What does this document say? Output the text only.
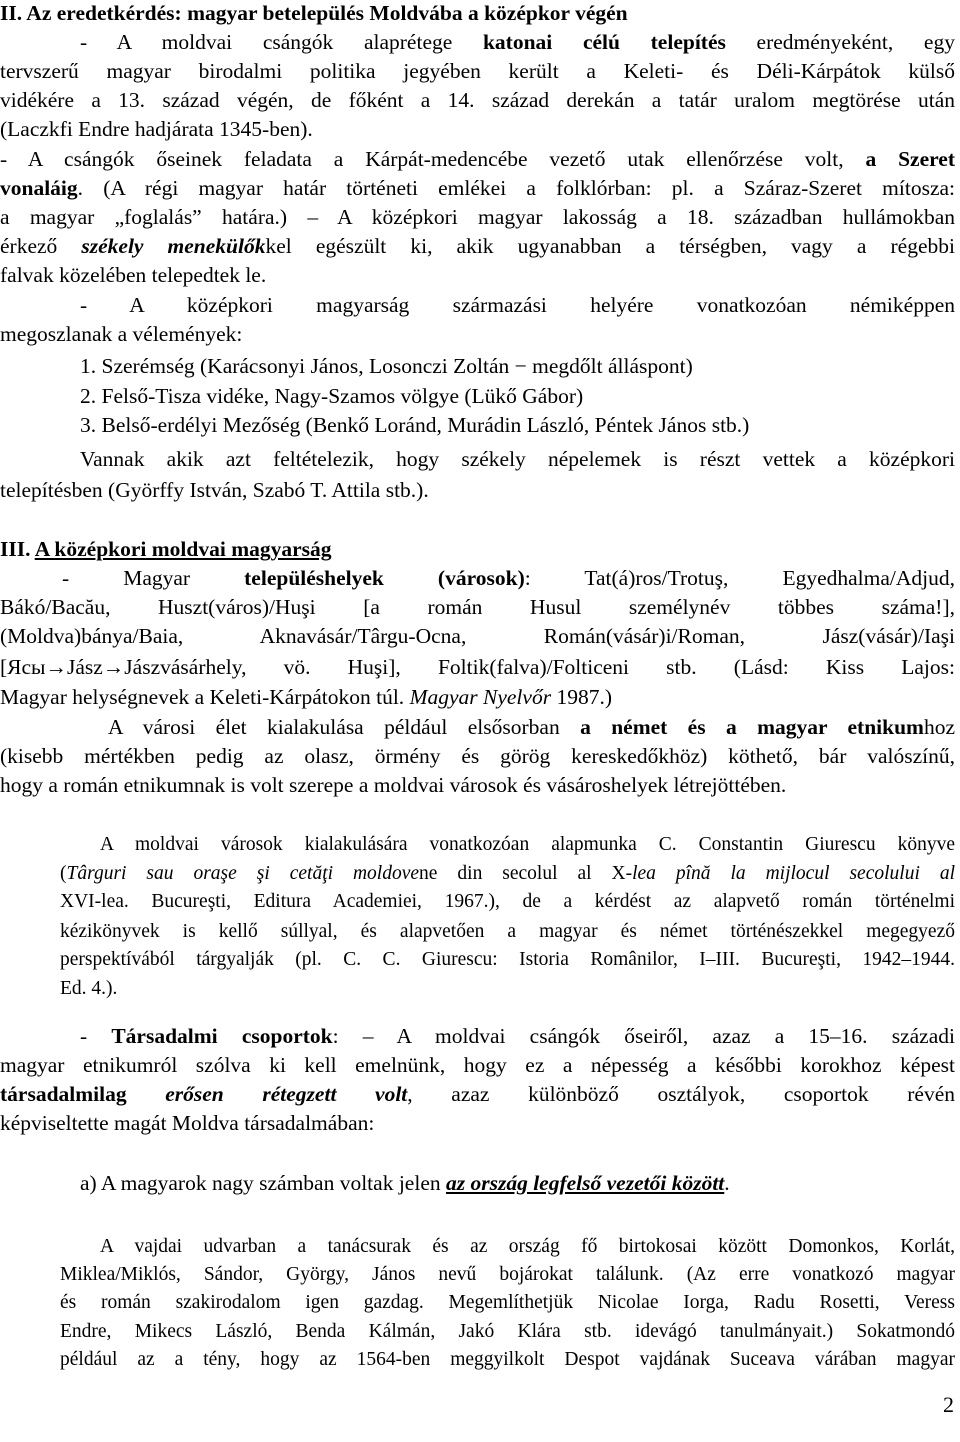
II. Az eredetkérdés: magyar betelepülés Moldvába a középkor végén
- A moldvai csángók alaprétege katonai célú telepítés eredményeként, egy
tervszerű magyar birodalmi politika jegyében került a Keleti- és Déli-Kárpátok külső
vidékére a 13. század végén, de főként a 14. század derekán a tatár uralom megtörése után
(Laczkfi Endre hadjárata 1345-ben).
- A csángók őseinek feladata a Kárpát-medencébe vezető utak ellenőrzése volt, a Szeret
vonaláig. (A régi magyar határ történeti emlékei a folklórban: pl. a Száraz-Szeret mítosza:
a magyar „foglalás” határa.) – A középkori magyar lakosság a 18. században hullámokban
érkező székely menekülőkkel egészült ki, akik ugyanabban a térségben, vagy a régebbi
falvak közelében telepedtek le.
- A középkori magyarság származási helyére vonatkozóan némiképpen
megoszlanak a vélemények:
1. Szerémség (Karácsonyi János, Losonczi Zoltán − megdőlt álláspont)
2. Felső-Tisza vidéke, Nagy-Szamos völgye (Lükő Gábor)
3. Belső-erdélyi Mezőség (Benkő Loránd, Murádin László, Péntek János stb.)
Vannak akik azt feltételezik, hogy székely népelemek is részt vettek a középkori
telepítésben (Györffy István, Szabó T. Attila stb.).
III. A középkori moldvai magyarság
- Magyar településhelyek (városok): Tat(á)ros/Trotuş, Egyedhalma/Adjud,
Bákó/Bacău, Huszt(város)/Huşi [a román Husul személynév többes száma!],
(Moldva)bánya/Baia, Aknavásár/Târgu-Ocna, Román(vásár)i/Roman, Jász(vásár)/Iaşi
[Ясы→Jász→Jászvásárhely, vö. Huşi], Foltik(falva)/Folticeni stb. (Lásd: Kiss Lajos:
Magyar helységnevek a Keleti-Kárpátokon túl. Magyar Nyelvőr 1987.)
A városi élet kialakulása például elsősorban a német és a magyar etnikumhoz
(kisebb mértékben pedig az olasz, örmény és görög kereskedőkhöz) köthető, bár valószínű,
hogy a román etnikumnak is volt szerepe a moldvai városok és vásároshelyek létrejöttében.
A moldvai városok kialakulására vonatkozóan alapmunka C. Constantin Giurescu könyve
(Târguri sau oraşe şi cetăţi moldovene din secolul al X-lea pînă la mijlocul secolului al
XVI-lea. Bucureşti, Editura Academiei, 1967.), de a kérdést az alapvető román történelmi
kézikönyvek is kellő súllyal, és alapvetően a magyar és német történészekkel megegyező
perspektívából tárgyalják (pl. C. C. Giurescu: Istoria Românilor, I–III. Bucureşti, 1942–1944.
Ed. 4.).
- Társadalmi csoportok: – A moldvai csángók őseiről, azaz a 15–16. századi
magyar etnikumról szólva ki kell emelnünk, hogy ez a népesség a későbbi korokhoz képest
társadalmilag erősen rétegzett volt, azaz különböző osztályok, csoportok révén
képviseltette magát Moldva társadalmában:
a) A magyarok nagy számban voltak jelen az ország legfelső vezetői között.
A vajdai udvarban a tanácsurak és az ország fő birtokosai között Domonkos, Korlát,
Miklea/Miklós, Sándor, György, János nevű bojárokat találunk. (Az erre vonatkozó magyar
és román szakirodalom igen gazdag. Megemlíthetjük Nicolae Iorga, Radu Rosetti, Veress
Endre, Mikecs László, Benda Kálmán, Jakó Klára stb. idevágó tanulmányait.) Sokatmondó
például az a tény, hogy az 1564-ben meggyilkolt Despot vajdának Suceava várában magyar
2
